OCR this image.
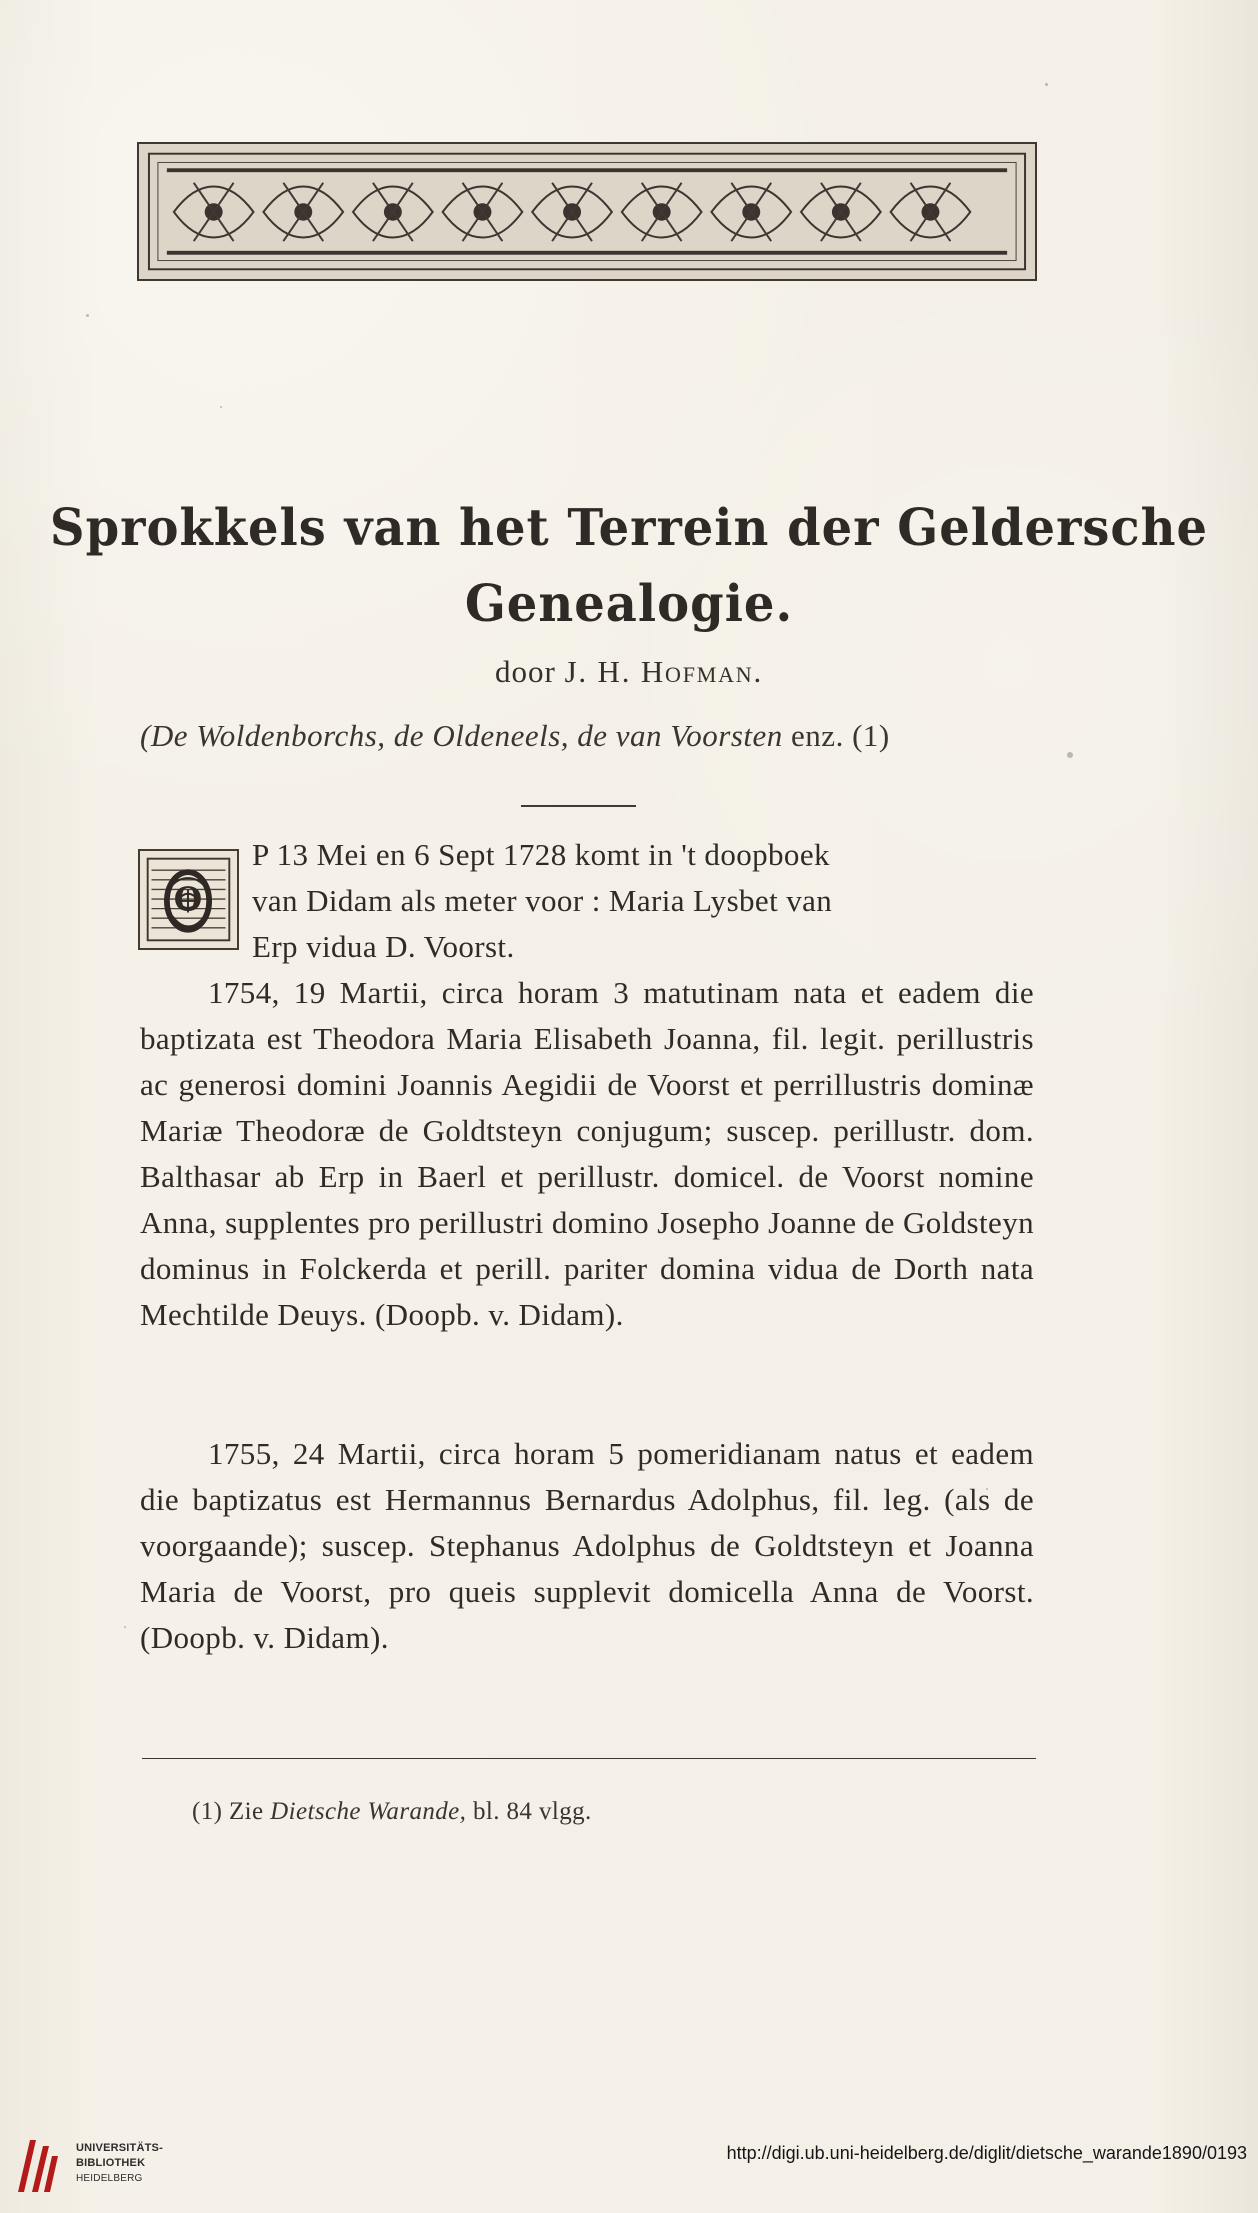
Sprokkels van het Terrein der Geldersche
Genealogie.
door J. H. Hofman.
(De Woldenborchs, de Oldeneels, de van Voorsten enz. (1)
O
P 13 Mei en 6 Sept 1728 komt in 't doopboek
van Didam als meter voor : Maria Lysbet van
Erp vidua D. Voorst.
1754, 19 Martii, circa horam 3 matutinam nata et eadem die baptizata est Theodora Maria Elisabeth Joanna, fil. legit. perillustris ac generosi domini Joannis Aegidii de Voorst et perrillustris dominæ Mariæ Theodoræ de Goldtsteyn conjugum; suscep. perillustr. dom. Balthasar ab Erp in Baerl et perillustr. domicel. de Voorst nomine Anna, supplentes pro perillustri domino Josepho Joanne de Goldsteyn dominus in Folckerda et perill. pariter domina vidua de Dorth nata Mechtilde Deuys. (Doopb. v. Didam).
1755, 24 Martii, circa horam 5 pomeridianam natus et eadem die baptizatus est Hermannus Bernardus Adolphus, fil. leg. (als de voorgaande); suscep. Stephanus Adolphus de Goldtsteyn et Joanna Maria de Voorst, pro queis supplevit domicella Anna de Voorst. (Doopb. v. Didam).
(1) Zie Dietsche Warande, bl. 84 vlgg.
UNIVERSITÄTS-
BIBLIOTHEK
HEIDELBERG
http://digi.ub.uni-heidelberg.de/diglit/dietsche_warande1890/0193
